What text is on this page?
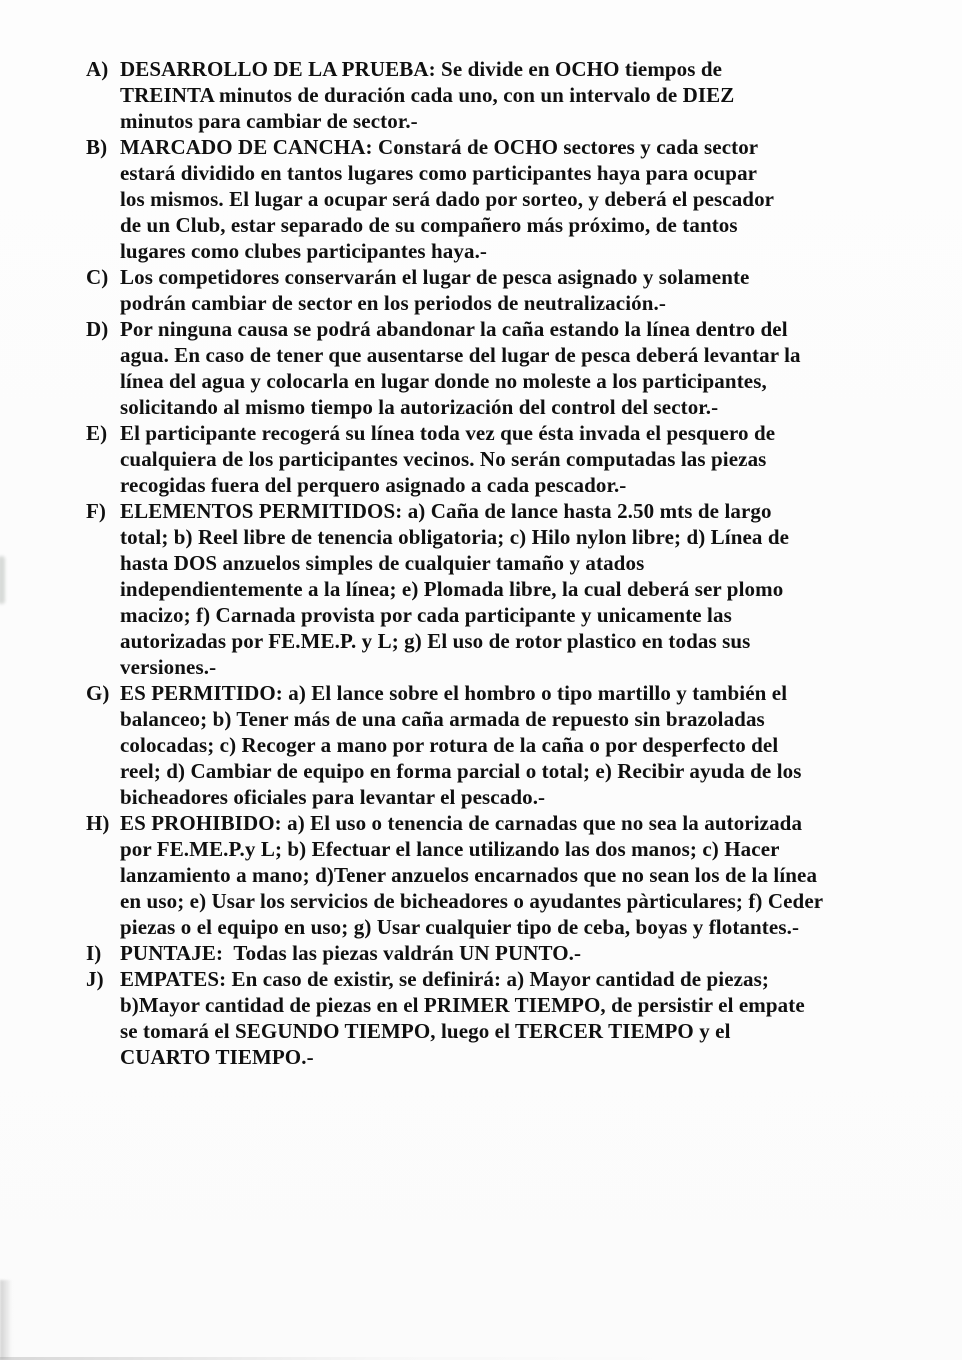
A) DESARROLLO DE LA PRUEBA: Se divide en OCHO tiempos de
TREINTA minutos de duración cada uno, con un intervalo de DIEZ
minutos para cambiar de sector.-
B) MARCADO DE CANCHA: Constará de OCHO sectores y cada sector
estará dividido en tantos lugares como participantes haya para ocupar
los mismos. El lugar a ocupar será dado por sorteo, y deberá el pescador
de un Club, estar separado de su compañero más próximo, de tantos
lugares como clubes participantes haya.-
C) Los competidores conservarán el lugar de pesca asignado y solamente
podrán cambiar de sector en los periodos de neutralización.-
D) Por ninguna causa se podrá abandonar la caña estando la línea dentro del
agua. En caso de tener que ausentarse del lugar de pesca deberá levantar la
línea del agua y colocarla en lugar donde no moleste a los participantes,
solicitando al mismo tiempo la autorización del control del sector.-
E) El participante recogerá su línea toda vez que ésta invada el pesquero de
cualquiera de los participantes vecinos. No serán computadas las piezas
recogidas fuera del perquero asignado a cada pescador.-
F) ELEMENTOS PERMITIDOS: a) Caña de lance hasta 2.50 mts de largo
total; b) Reel libre de tenencia obligatoria; c) Hilo nylon libre; d) Línea de
hasta DOS anzuelos simples de cualquier tamaño y atados
independientemente a la línea; e) Plomada libre, la cual deberá ser plomo
macizo; f) Carnada provista por cada participante y unicamente las
autorizadas por FE.ME.P. y L; g) El uso de rotor plastico en todas sus
versiones.-
G) ES PERMITIDO: a) El lance sobre el hombro o tipo martillo y también el
balanceo; b) Tener más de una caña armada de repuesto sin brazoladas
colocadas; c) Recoger a mano por rotura de la caña o por desperfecto del
reel; d) Cambiar de equipo en forma parcial o total; e) Recibir ayuda de los
bicheadores oficiales para levantar el pescado.-
H) ES PROHIBIDO: a) El uso o tenencia de carnadas que no sea la autorizada
por FE.ME.P.y L; b) Efectuar el lance utilizando las dos manos; c) Hacer
lanzamiento a mano; d)Tener anzuelos encarnados que no sean los de la línea
en uso; e) Usar los servicios de bicheadores o ayudantes pàrticulares; f) Ceder
piezas o el equipo en uso; g) Usar cualquier tipo de ceba, boyas y flotantes.-
I) PUNTAJE:  Todas las piezas valdrán UN PUNTO.-
J) EMPATES: En caso de existir, se definirá: a) Mayor cantidad de piezas;
b)Mayor cantidad de piezas en el PRIMER TIEMPO, de persistir el empate
se tomará el SEGUNDO TIEMPO, luego el TERCER TIEMPO y el
CUARTO TIEMPO.-
